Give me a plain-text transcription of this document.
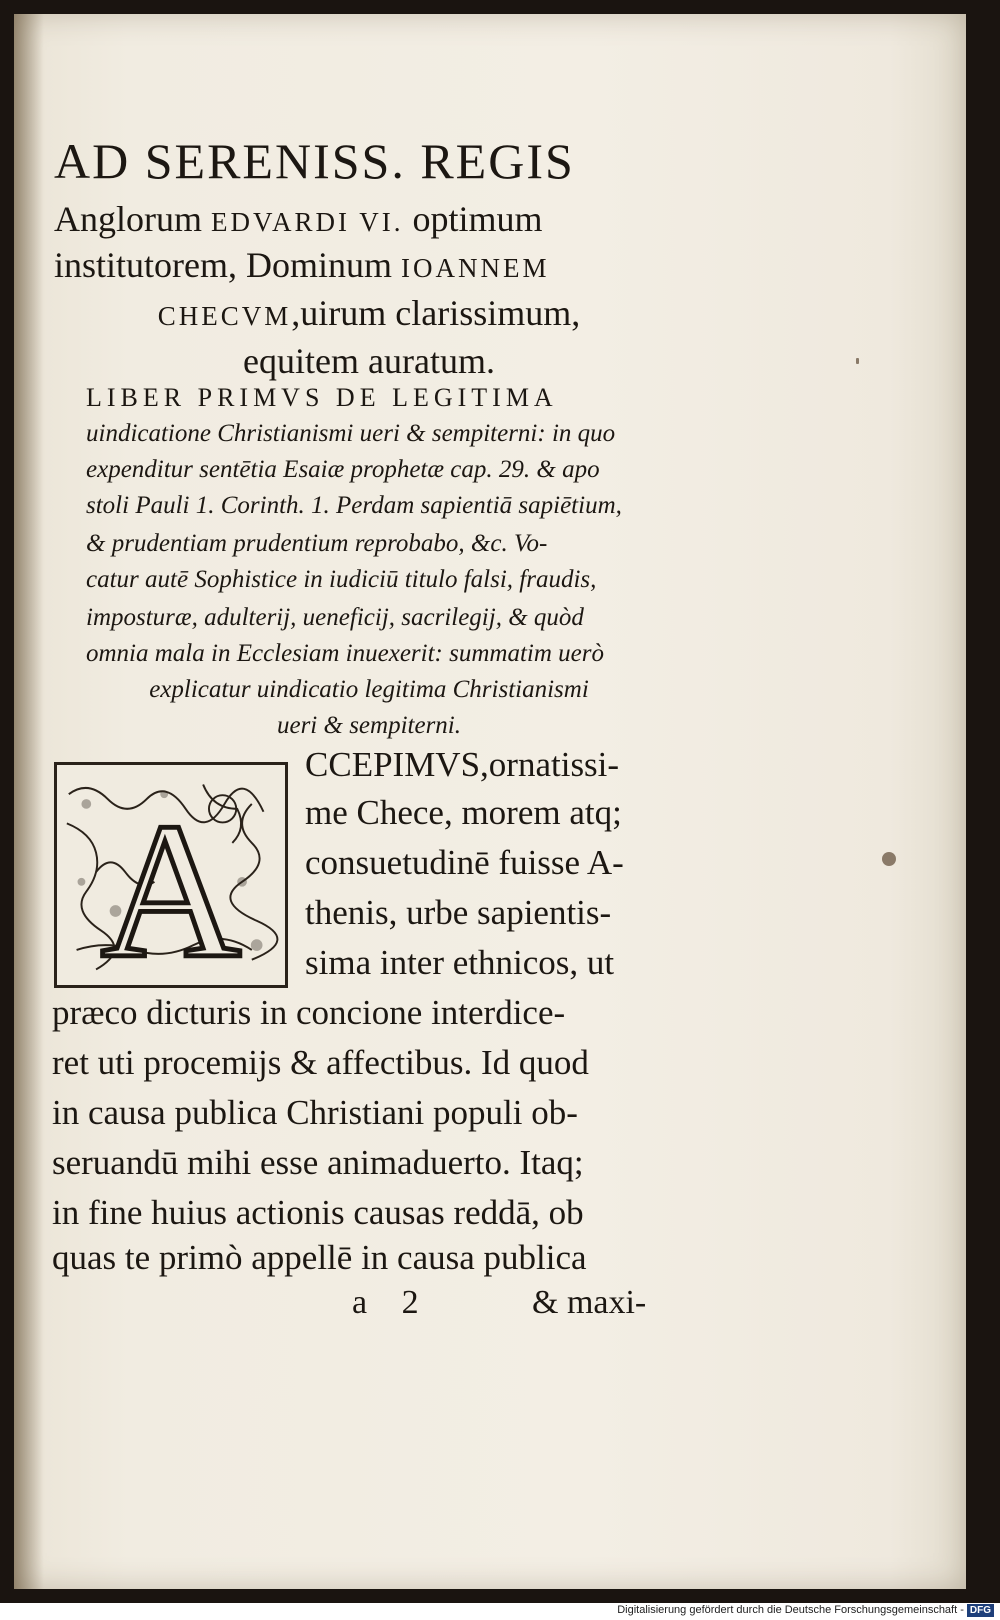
AD SERENISS. REGIS
Anglorum EDVARDI VI. optimum
institutorem, Dominum IOANNEM
CHECVM,uirum clarissimum,
equitem auratum.
LIBER PRIMVS DE LEGITIMA
uindicatione Christianismi ueri & sempiterni: in quo
expenditur sentētia Esaiæ prophetæ cap. 29. & apo
stoli Pauli 1. Corinth. 1. Perdam sapientiā sapiētium,
& prudentiam prudentium reprobabo, &c. Vo-
catur autē Sophistice in iudiciū titulo falsi, fraudis,
imposturæ, adulterij, ueneficij, sacrilegij, & quòd
omnia mala in Ecclesiam inuexerit: summatim uerò
explicatur uindicatio legitima Christianismi
ueri & sempiterni.
A
CCEPIMVS,ornatissi-
me Chece, morem atq;
consuetudinē fuisse A-
thenis, urbe sapientis-
sima inter ethnicos, ut
præco dicturis in concione interdice-
ret uti procemijs & affectibus. Id quod
in causa publica Christiani populi ob-
seruandū mihi esse animaduerto. Itaq;
in fine huius actionis causas reddā, ob
quas te primò appellē in causa publica
a 2	& maxi-
Digitalisierung gefördert durch die Deutsche Forschungsgemeinschaft - DFG
